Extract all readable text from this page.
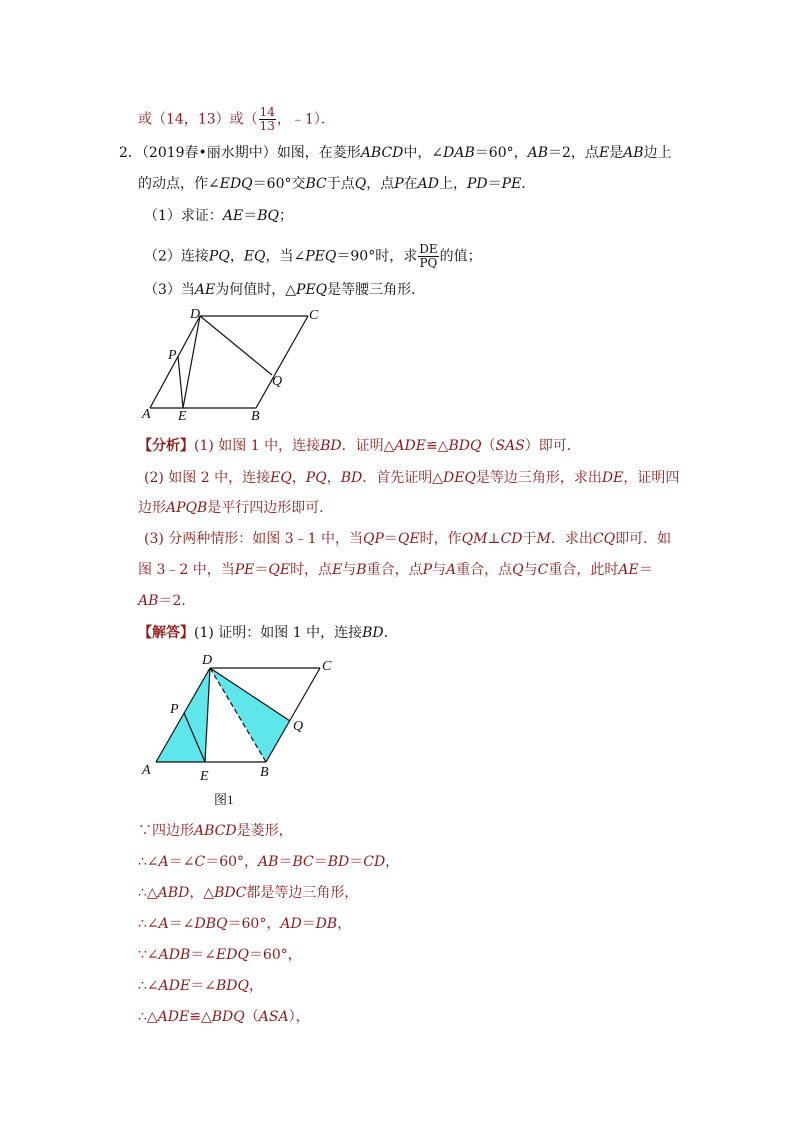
或（14，13）或（ $\frac{14}{13}$ ，﹣1）．
2．（2019春•丽水期中）如图，在菱形ABCD中，∠DAB＝60°，AB＝2，点E是AB边上
的动点，作∠EDQ＝60°交BC于点Q，点P在AD上，PD＝PE．
（1）求证：AE＝BQ；
（2）连接PQ，EQ，当∠PEQ＝90°时，求 $\frac{DE}{PQ}$ 的值；
（3）当AE为何值时，△PEQ是等腰三角形．
A E	B
C
D
P
Q
【分析】(1) 如图 1 中，连接BD．证明△ADE≌△BDQ（SAS）即可．
(2) 如图 2 中，连接EQ，PQ，BD．首先证明△DEQ是等边三角形，求出DE，证明四
边形APQB是平行四边形即可．
(3) 分两种情形：如图 3﹣1 中，当QP＝QE时，作QM⊥CD于M．求出CQ即可．如
图 3﹣2 中，当PE＝QE时，点E与B重合，点P与A重合，点Q与C重合，此时AE＝
AB＝2．
【解答】(1) 证明：如图 1 中，连接BD．
A	E	B
C
D
P
Q
图1
∵四边形ABCD是菱形，
∴∠A＝∠C＝60°，AB＝BC＝BD＝CD，
∴△ABD，△BDC都是等边三角形，
∴∠A＝∠DBQ＝60°，AD＝DB，
∵∠ADB＝∠EDQ＝60°，
∴∠ADE＝∠BDQ，
∴△ADE≌△BDQ（ASA），
